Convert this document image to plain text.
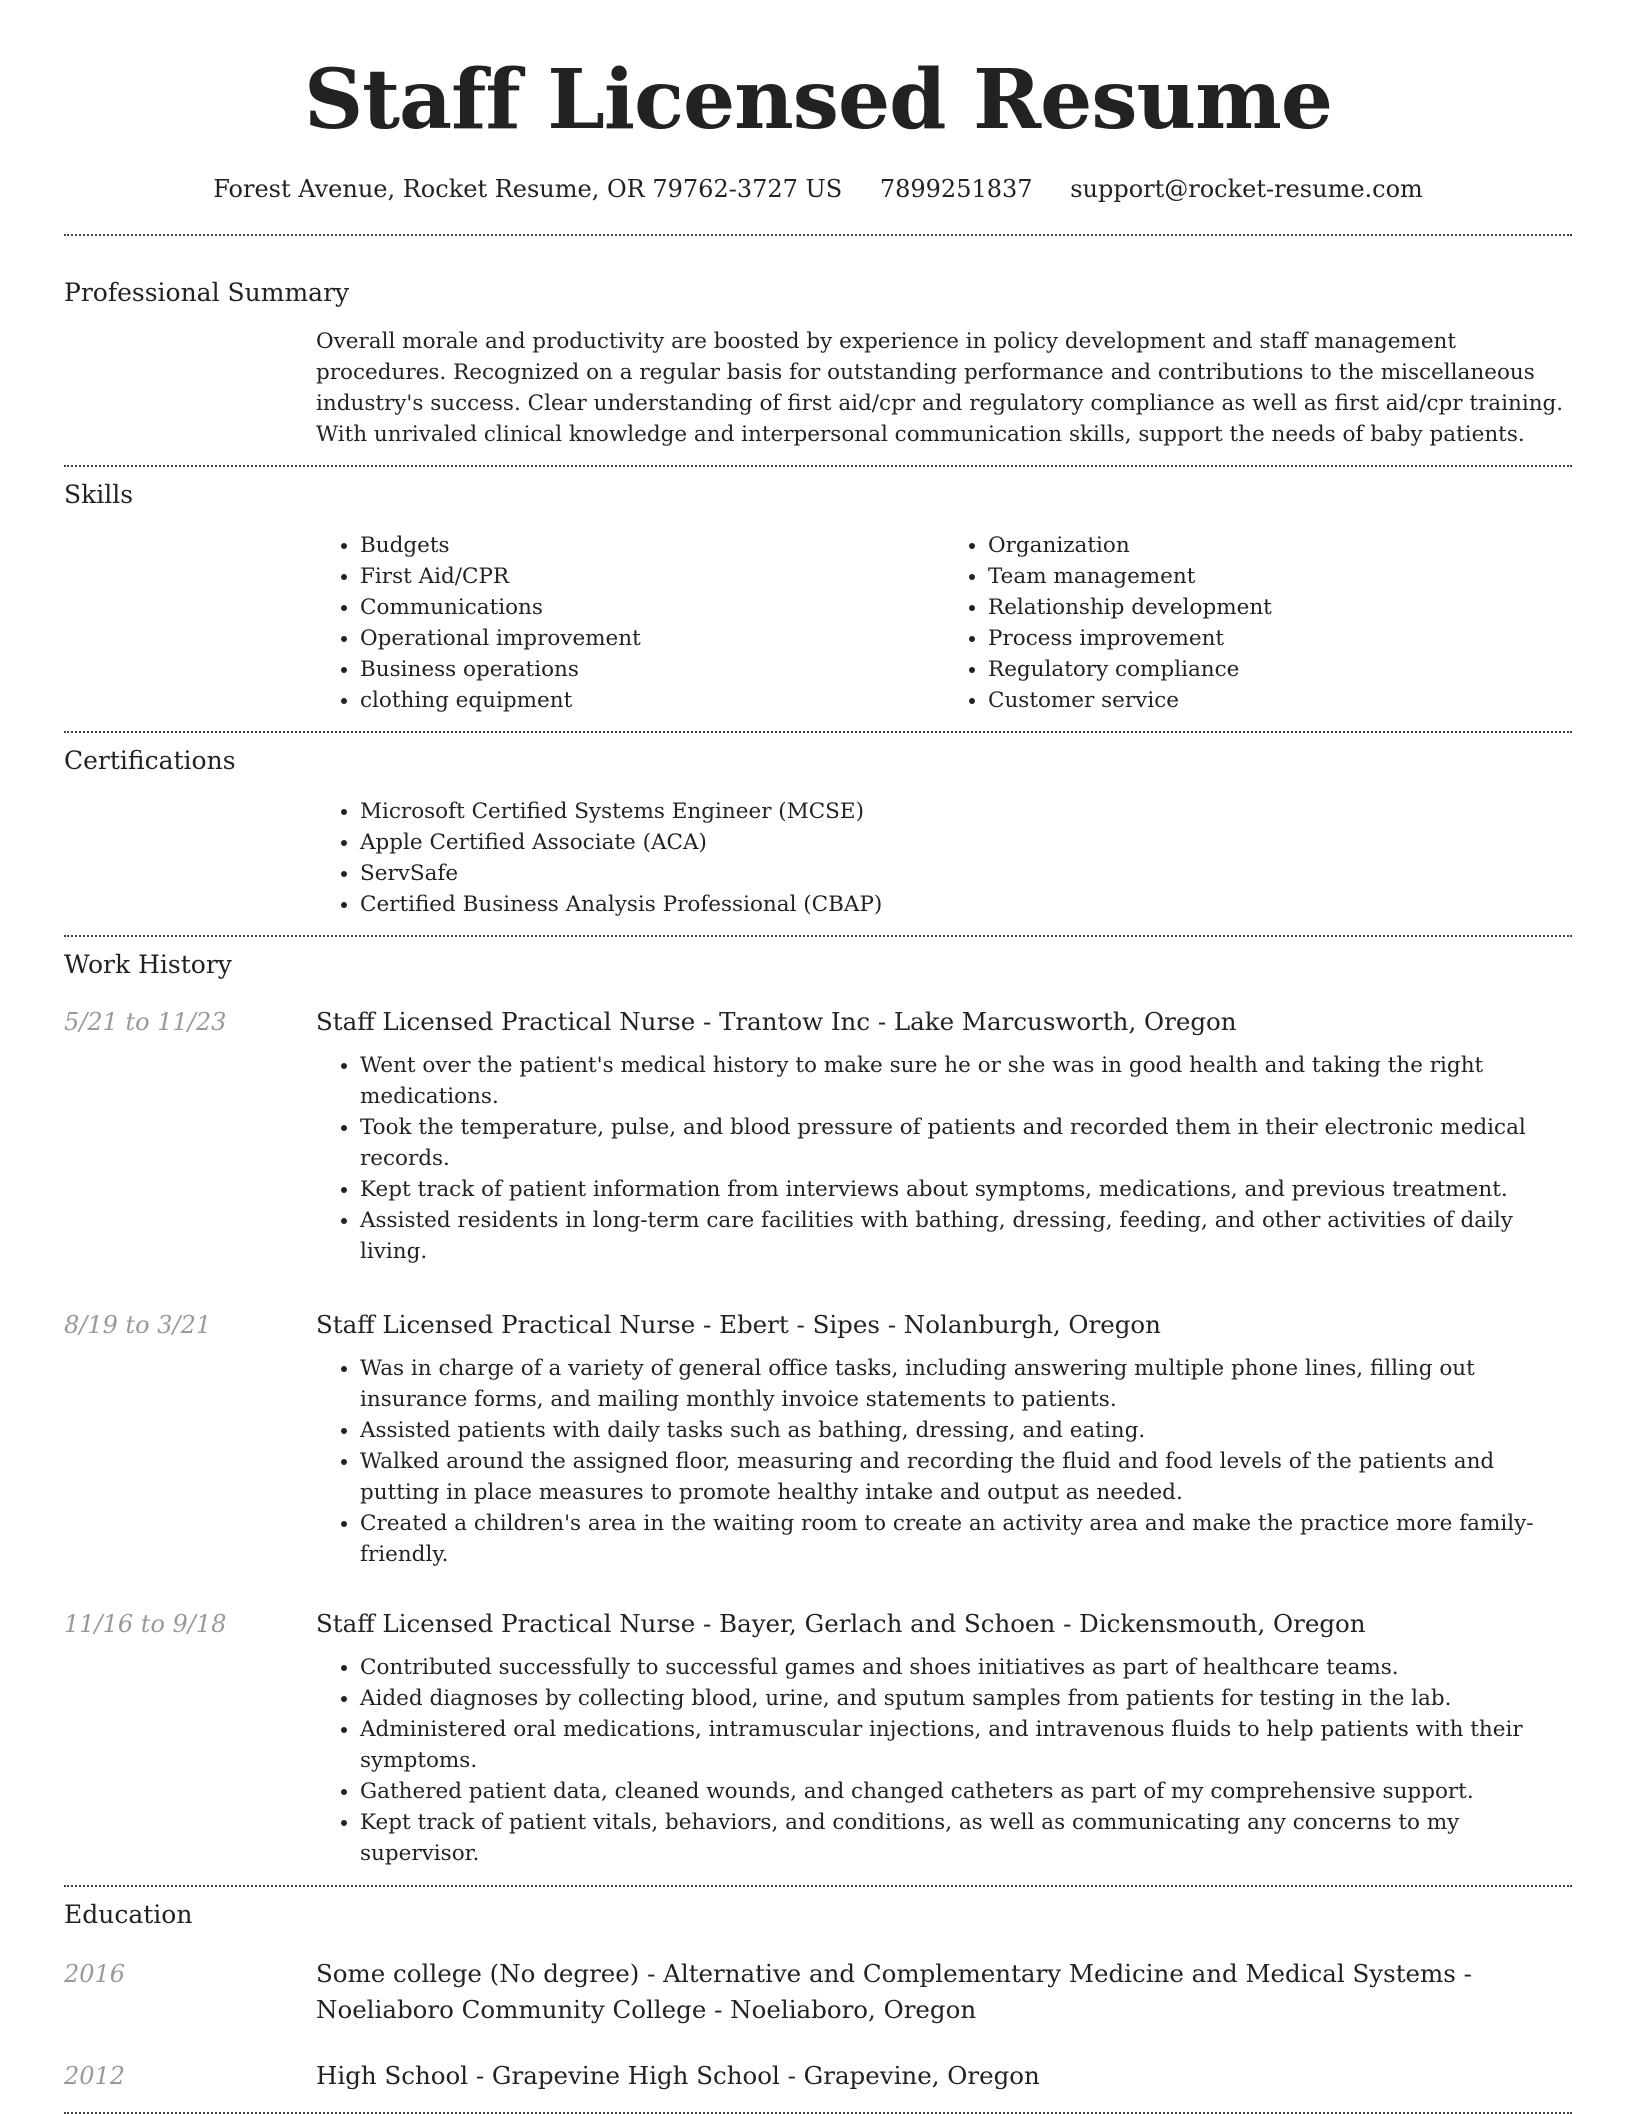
Staff Licensed Resume
Forest Avenue, Rocket Resume, OR 79762-3727 US 7899251837 support@rocket-resume.com
Professional Summary
Overall morale and productivity are boosted by experience in policy development and staff management procedures. Recognized on a regular basis for outstanding performance and contributions to the miscellaneous industry's success. Clear understanding of first aid/cpr and regulatory compliance as well as first aid/cpr training. With unrivaled clinical knowledge and interpersonal communication skills, support the needs of baby patients.
Skills
• Budgets
• First Aid/CPR
• Communications
• Operational improvement
• Business operations
• clothing equipment
• Organization
• Team management
• Relationship development
• Process improvement
• Regulatory compliance
• Customer service
Certifications
• Microsoft Certified Systems Engineer (MCSE)
• Apple Certified Associate (ACA)
• ServSafe
• Certified Business Analysis Professional (CBAP)
Work History
5/21 to 11/23	Staff Licensed Practical Nurse - Trantow Inc - Lake Marcusworth, Oregon
• Went over the patient's medical history to make sure he or she was in good health and taking the right medications.
• Took the temperature, pulse, and blood pressure of patients and recorded them in their electronic medical records.
• Kept track of patient information from interviews about symptoms, medications, and previous treatment.
• Assisted residents in long-term care facilities with bathing, dressing, feeding, and other activities of daily living.
8/19 to 3/21	Staff Licensed Practical Nurse - Ebert - Sipes - Nolanburgh, Oregon
• Was in charge of a variety of general office tasks, including answering multiple phone lines, filling out insurance forms, and mailing monthly invoice statements to patients.
• Assisted patients with daily tasks such as bathing, dressing, and eating.
• Walked around the assigned floor, measuring and recording the fluid and food levels of the patients and putting in place measures to promote healthy intake and output as needed.
• Created a children's area in the waiting room to create an activity area and make the practice more family-friendly.
11/16 to 9/18	Staff Licensed Practical Nurse - Bayer, Gerlach and Schoen - Dickensmouth, Oregon
• Contributed successfully to successful games and shoes initiatives as part of healthcare teams.
• Aided diagnoses by collecting blood, urine, and sputum samples from patients for testing in the lab.
• Administered oral medications, intramuscular injections, and intravenous fluids to help patients with their symptoms.
• Gathered patient data, cleaned wounds, and changed catheters as part of my comprehensive support.
• Kept track of patient vitals, behaviors, and conditions, as well as communicating any concerns to my supervisor.
Education
2016	Some college (No degree) - Alternative and Complementary Medicine and Medical Systems - Noeliaboro Community College - Noeliaboro, Oregon
2012	High School - Grapevine High School - Grapevine, Oregon
